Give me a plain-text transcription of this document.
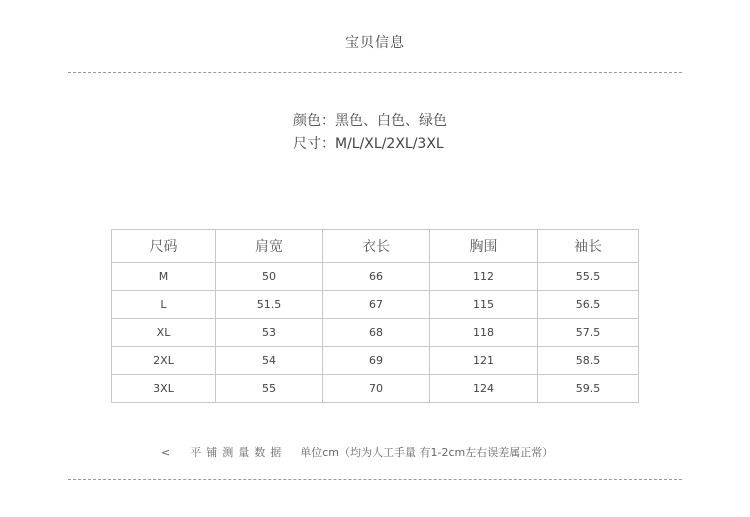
宝贝信息
颜色：黑色、白色、绿色
尺寸：M/L/XL/2XL/3XL
尺码	肩宽	衣长	胸围	袖长
M	50	66	112	55.5
L	51.5	67	115	56.5
XL	53	68	118	57.5
2XL	54	69	121	58.5
3XL	55	70	124	59.5
< 平铺测量数据 单位cm（均为人工手量 有1-2cm左右误差属正常）
